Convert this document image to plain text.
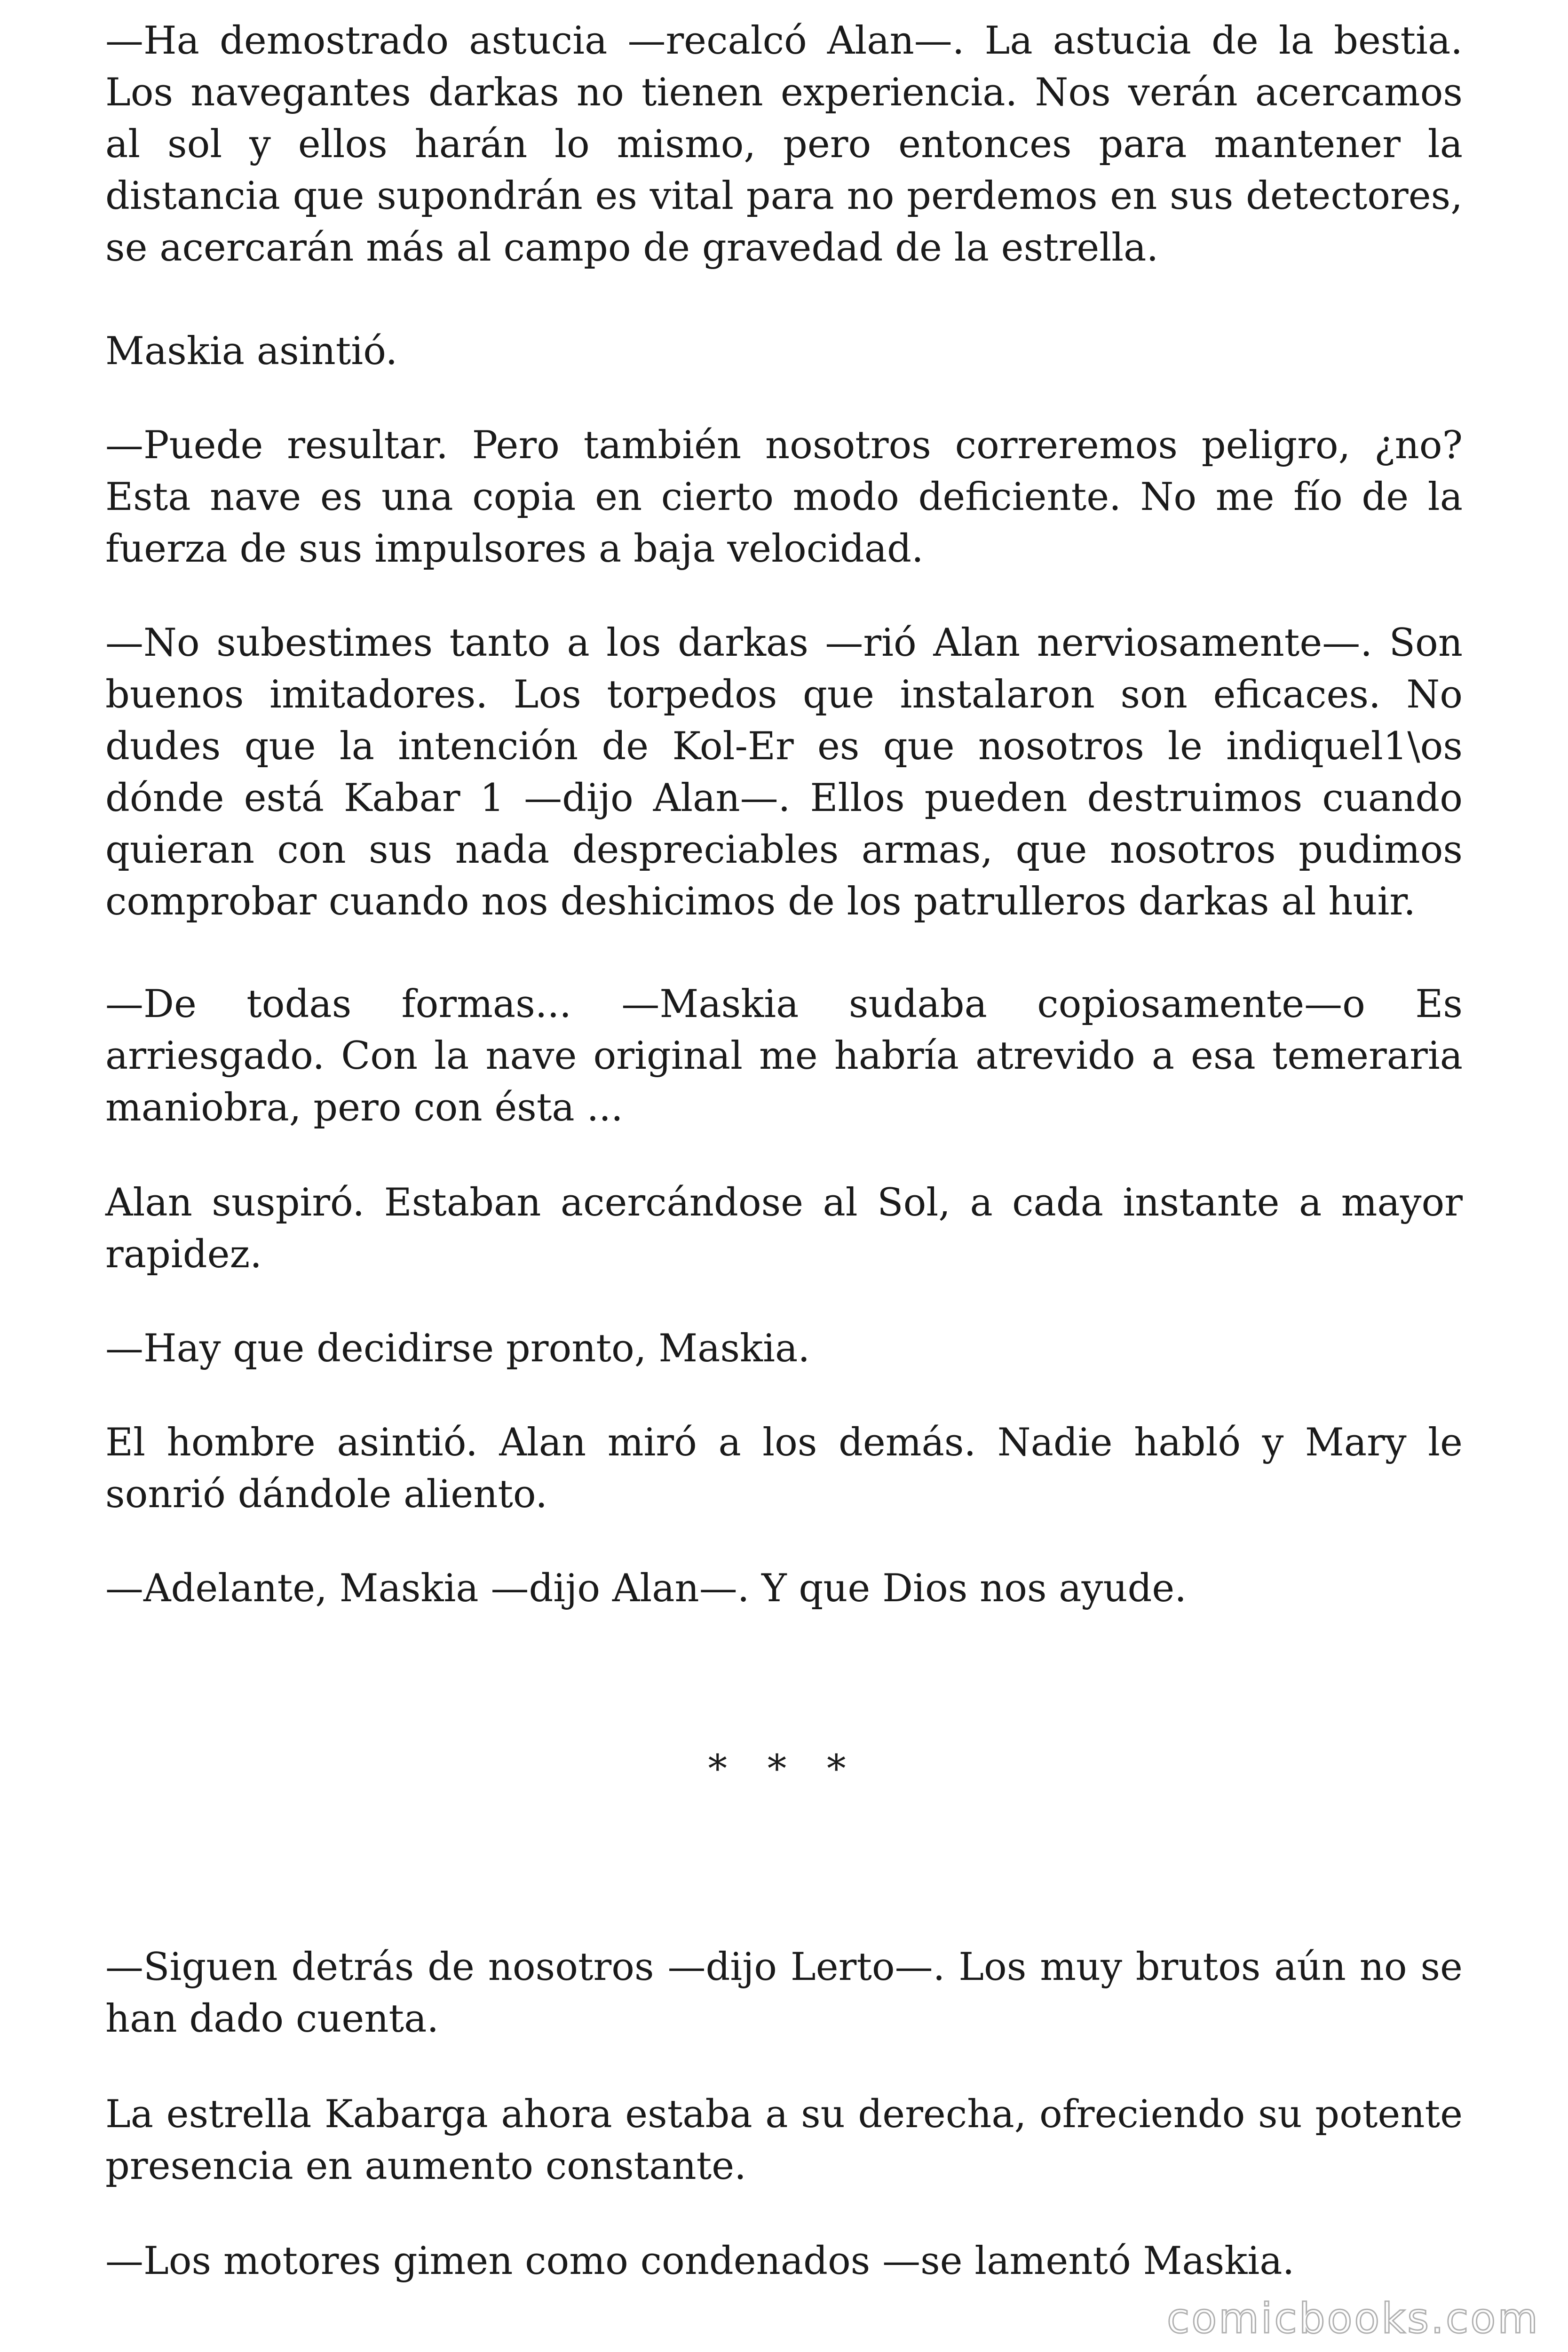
—Ha demostrado astucia —recalcó Alan—. La astucia de la bestia. Los navegantes darkas no tienen experiencia. Nos verán acercamos al sol y ellos harán lo mismo, pero entonces para mantener la distancia que supondrán es vital para no perdemos en sus detectores, se acercarán más al campo de gravedad de la estrella.

Maskia asintió.

—Puede resultar. Pero también nosotros correremos peligro, ¿no? Esta nave es una copia en cierto modo deficiente. No me fío de la fuerza de sus impulsores a baja velocidad.

—No subestimes tanto a los darkas —rió Alan nerviosamente—. Son buenos imitadores. Los torpedos que instalaron son eficaces. No dudes que la intención de Kol-Er es que nosotros le indiquel1\os dónde está Kabar 1 —dijo Alan—. Ellos pueden destruimos cuando quieran con sus nada despreciables armas, que nosotros pudimos comprobar cuando nos deshicimos de los patrulleros darkas al huir.

—De todas formas... —Maskia sudaba copiosamente—o Es arriesgado. Con la nave original me habría atrevido a esa temeraria maniobra, pero con ésta ...

Alan suspiró. Estaban acercándose al Sol, a cada instante a mayor rapidez.

—Hay que decidirse pronto, Maskia.

El hombre asintió. Alan miró a los demás. Nadie habló y Mary le sonrió dándole aliento.

—Adelante, Maskia —dijo Alan—. Y que Dios nos ayude.

* * *

—Siguen detrás de nosotros —dijo Lerto—. Los muy brutos aún no se han dado cuenta.

La estrella Kabarga ahora estaba a su derecha, ofreciendo su potente presencia en aumento constante.

—Los motores gimen como condenados —se lamentó Maskia.

comicbooks.com
